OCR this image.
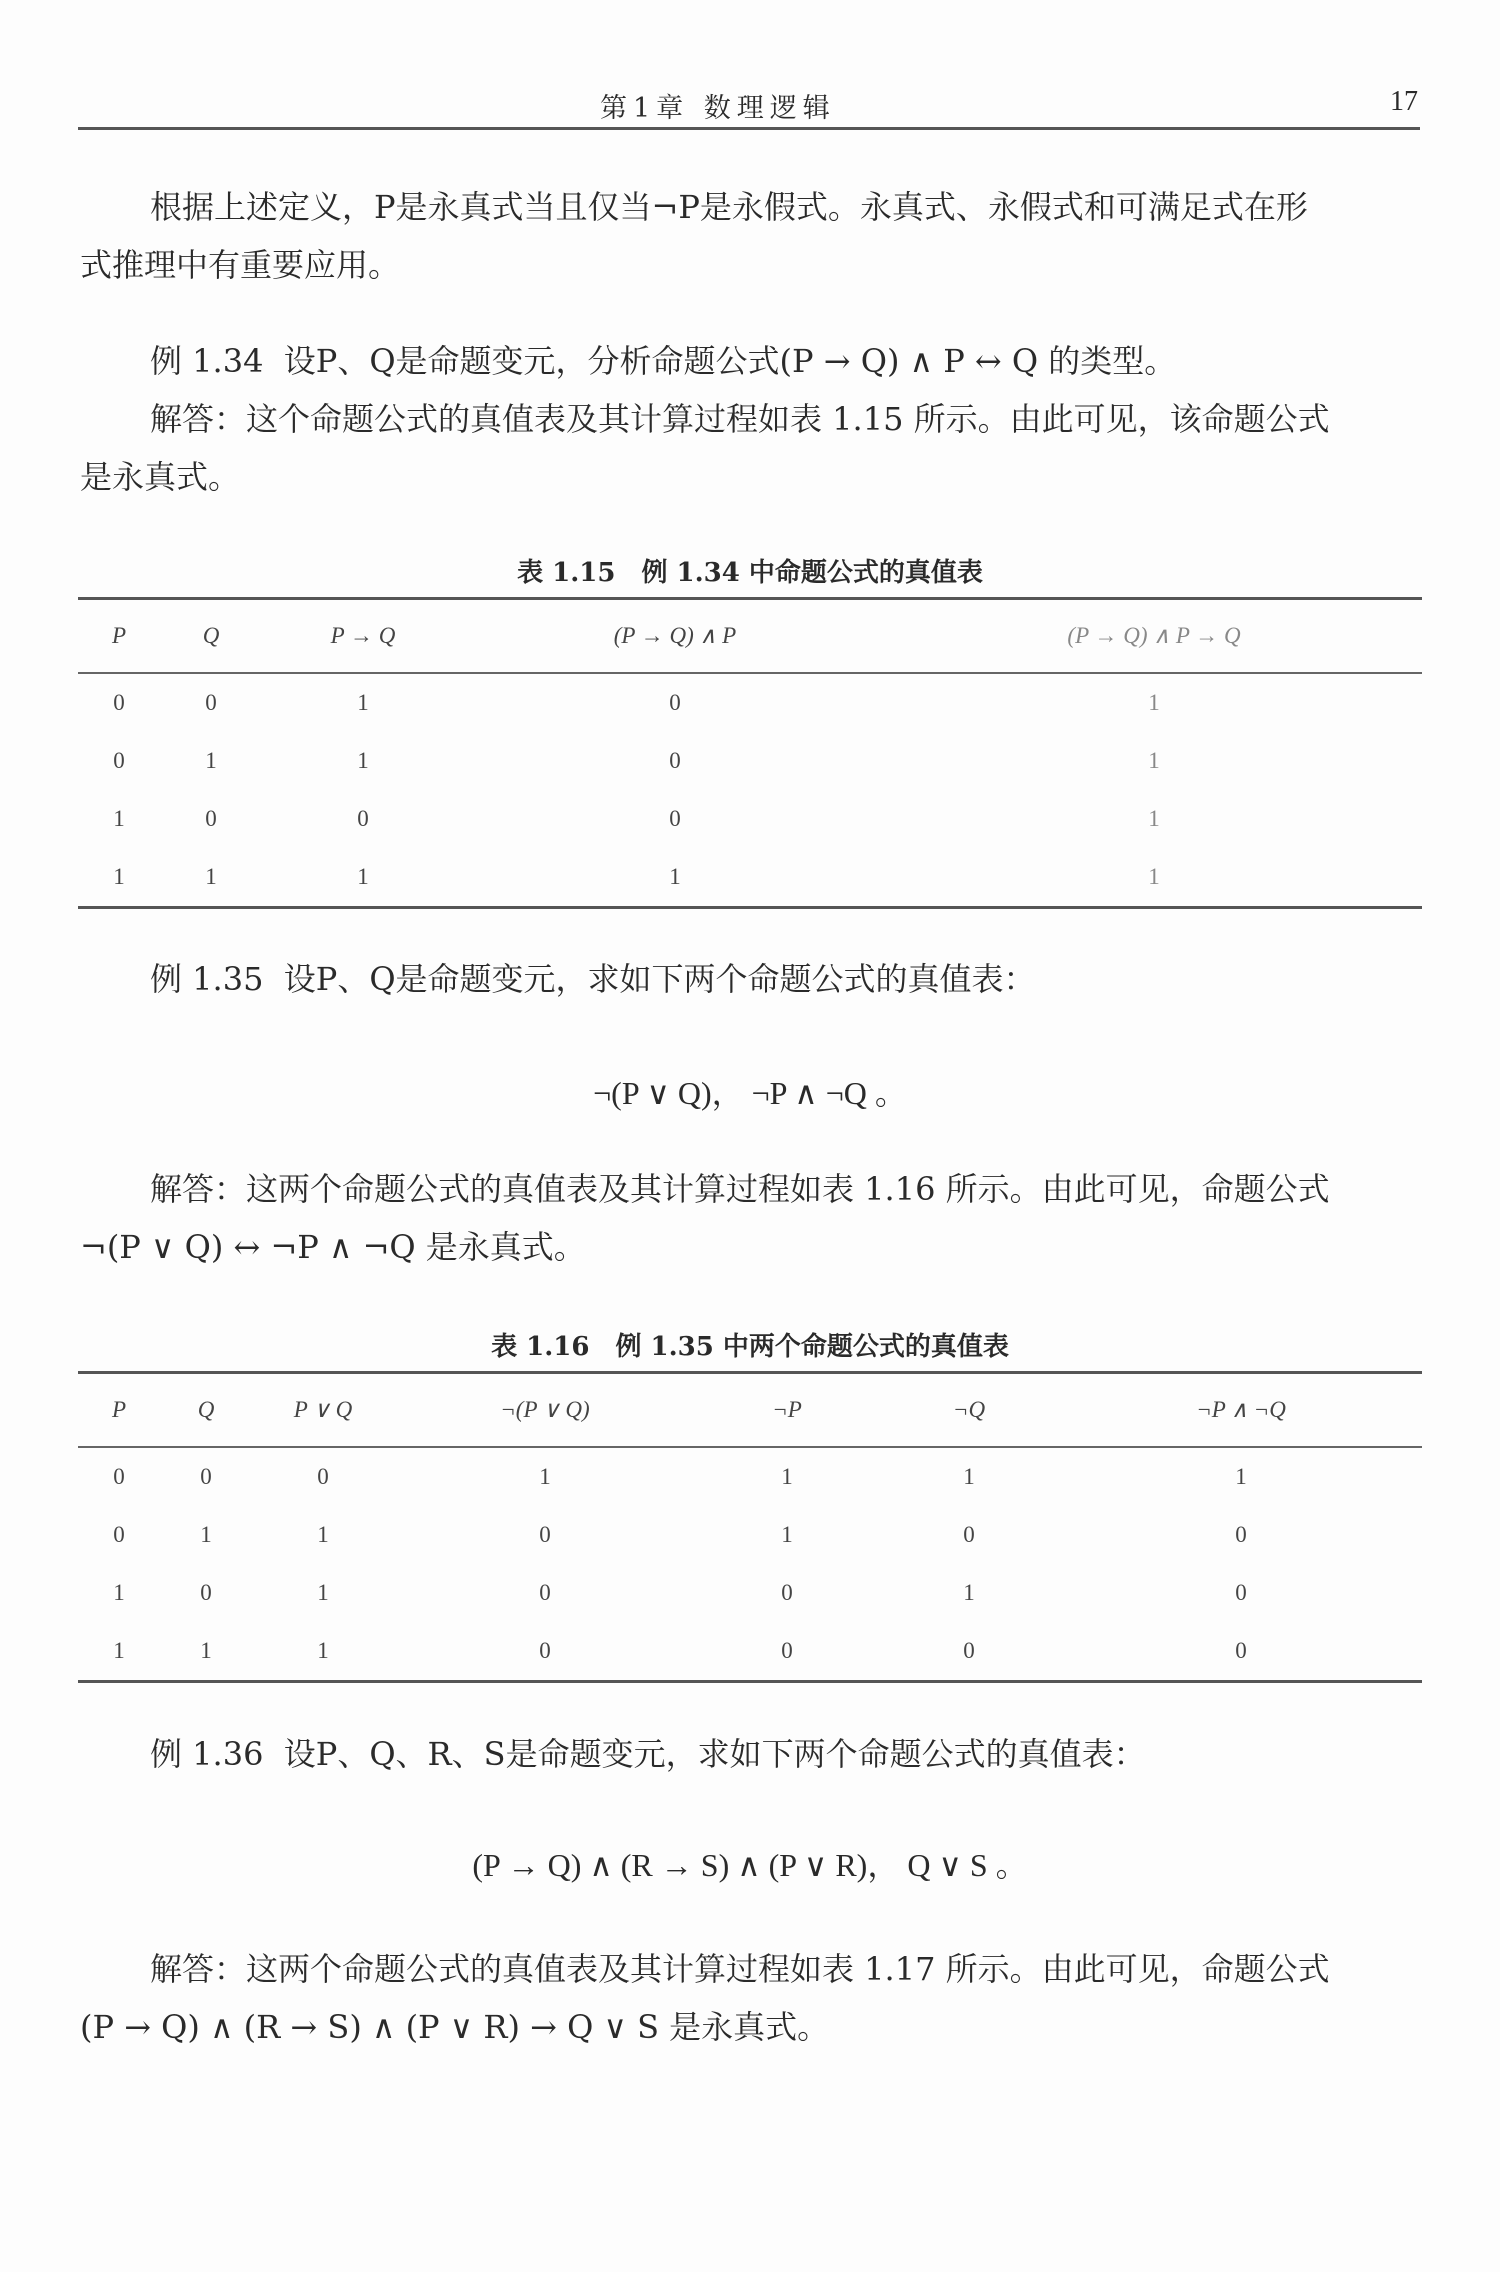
第1章 数理逻辑	17
根据上述定义，P是永真式当且仅当¬P是永假式。永真式、永假式和可满足式在形
式推理中有重要应用。
例 1.34 设P、Q是命题变元，分析命题公式(P → Q) ∧ P ↔ Q 的类型。
解答：这个命题公式的真值表及其计算过程如表 1.15 所示。由此可见，该命题公式
是永真式。
表 1.15　例 1.34 中命题公式的真值表
P	Q	P → Q	(P → Q) ∧ P	(P → Q) ∧ P → Q
0	0	1	0	1
0	1	1	0	1
1	0	0	0	1
1	1	1	1	1
例 1.35 设P、Q是命题变元，求如下两个命题公式的真值表：
¬(P ∨ Q)， ¬P ∧ ¬Q 。
解答：这两个命题公式的真值表及其计算过程如表 1.16 所示。由此可见，命题公式
¬(P ∨ Q) ↔ ¬P ∧ ¬Q 是永真式。
表 1.16　例 1.35 中两个命题公式的真值表
P	Q	P ∨ Q	¬(P ∨ Q)	¬P	¬Q	¬P ∧ ¬Q
0	0	0	1	1	1	1
0	1	1	0	1	0	0
1	0	1	0	0	1	0
1	1	1	0	0	0	0
例 1.36 设P、Q、R、S是命题变元，求如下两个命题公式的真值表：
(P → Q) ∧ (R → S) ∧ (P ∨ R)， Q ∨ S 。
解答：这两个命题公式的真值表及其计算过程如表 1.17 所示。由此可见，命题公式
(P → Q) ∧ (R → S) ∧ (P ∨ R) → Q ∨ S 是永真式。
